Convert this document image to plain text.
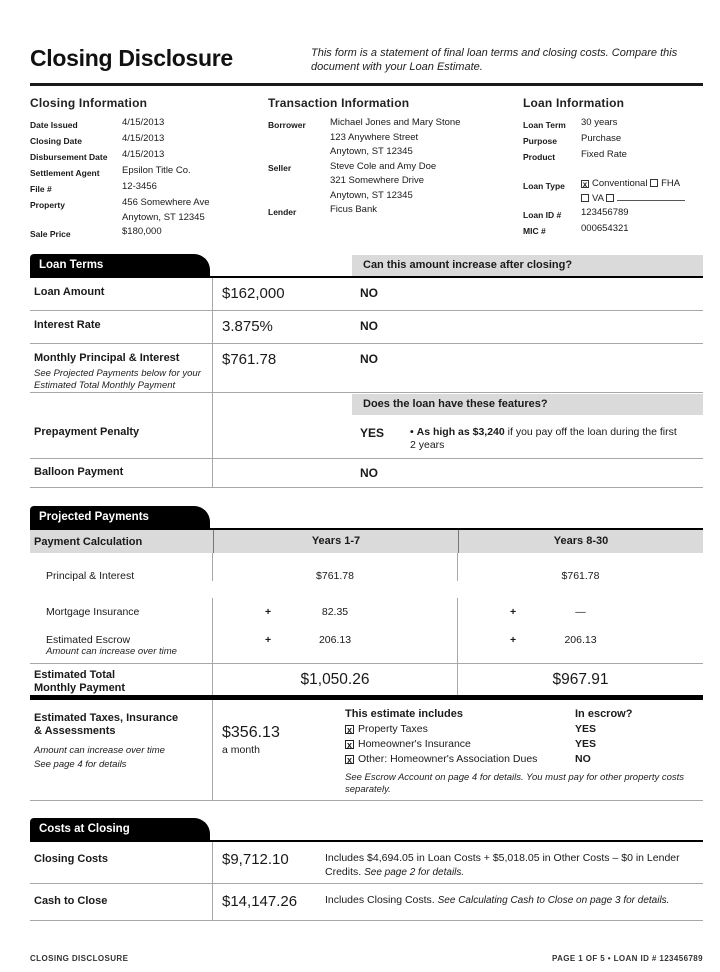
Closing Disclosure	This form is a statement of final loan terms and closing costs. Compare this document with your Loan Estimate.
Closing Information
Date Issued	4/15/2013
Closing Date	4/15/2013
Disbursement Date	4/15/2013
Settlement Agent	Epsilon Title Co.
File #	12-3456
Property	456 Somewhere Ave
Anytown, ST 12345
Sale Price	$180,000
Transaction Information
Borrower	Michael Jones and Mary Stone
123 Anywhere Street
Anytown, ST 12345
Seller	Steve Cole and Amy Doe
321 Somewhere Drive
Anytown, ST 12345
Lender	Ficus Bank
Loan Information
Loan Term	30 years
Purpose	Purchase
Product	Fixed Rate
Loan Type	x Conventional FHA
VA
Loan ID #	123456789
MIC #	000654321
Loan Terms	Can this amount increase after closing?
Loan Amount	$162,000	NO
Interest Rate	3.875%	NO
Monthly Principal & Interest
See Projected Payments below for your Estimated Total Monthly Payment
$761.78	NO
Does the loan have these features?
Prepayment Penalty	YES	• As high as $3,240 if you pay off the loan during the first 2 years
Balloon Payment	NO
Projected Payments
Payment Calculation	Years 1-7	Years 8-30
Principal & Interest	$761.78	$761.78
Mortgage Insurance	+	82.35	+	—
Estimated Escrow
Amount can increase over time
+	206.13	+	206.13
Estimated Total
Monthly Payment	$1,050.26	$967.91
Estimated Taxes, Insurance
& Assessments
Amount can increase over time
See page 4 for details
$356.13
a month
This estimate includes	In escrow?
x Property Taxes	YES
x Homeowner's Insurance	YES
x Other: Homeowner's Association Dues	NO
See Escrow Account on page 4 for details. You must pay for other property costs separately.
Costs at Closing
Closing Costs	$9,712.10	Includes $4,694.05 in Loan Costs + $5,018.05 in Other Costs – $0 in Lender Credits. See page 2 for details.
Cash to Close	$14,147.26	Includes Closing Costs. See Calculating Cash to Close on page 3 for details.
CLOSING DISCLOSURE	PAGE 1 OF 5 • LOAN ID # 123456789
